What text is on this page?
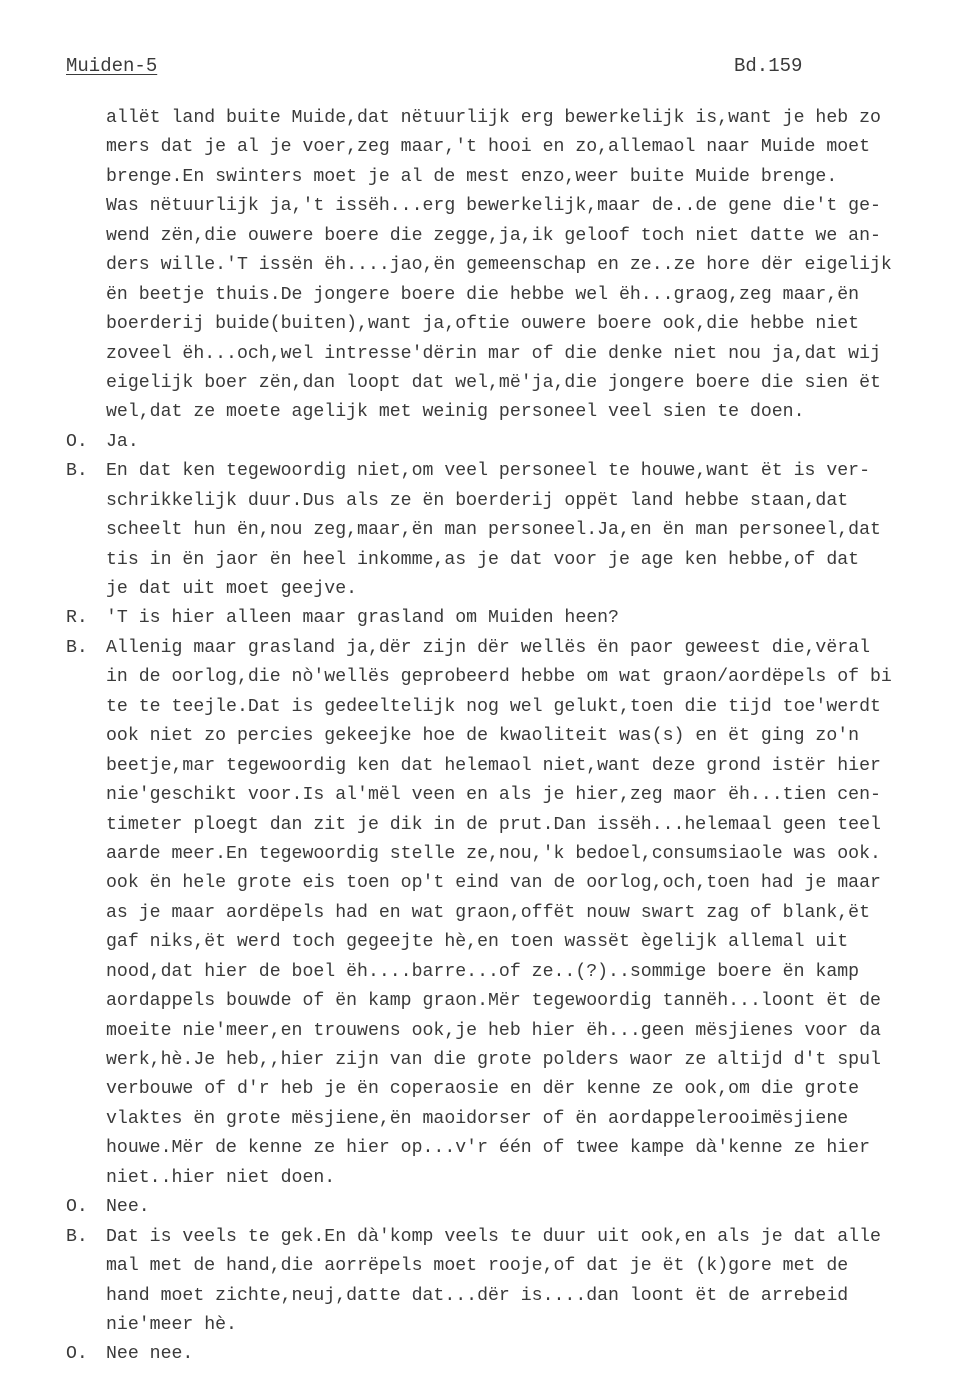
Muiden-5	Bd.159
allët land buite Muide,dat nëtuurlijk erg bewerkelijk is,want je heb zo
mers dat je al je voer,zeg maar,'t hooi en zo,allemaol naar Muide moet
brenge.En swinters moet je al de mest enzo,weer buite Muide brenge.
Was nëtuurlijk ja,'t issëh...erg bewerkelijk,maar de..de gene die't ge-
wend zën,die ouwere boere die zegge,ja,ik geloof toch niet datte we an-
ders wille.'T issën ëh....jao,ën gemeenschap en ze..ze hore dër eigelijk
ën beetje thuis.De jongere boere die hebbe wel ëh...graog,zeg maar,ën
boerderij buide(buiten),want ja,oftie ouwere boere ook,die hebbe niet
zoveel ëh...och,wel intresse'dërin mar of die denke niet nou ja,dat wij
eigelijk boer zën,dan loopt dat wel,më'ja,die jongere boere die sien ët
wel,dat ze moete agelijk met weinig personeel veel sien te doen.
O. Ja.
B. En dat ken tegewoordig niet,om veel personeel te houwe,want ët is ver-
schrikkelijk duur.Dus als ze ën boerderij oppët land hebbe staan,dat
scheelt hun ën,nou zeg,maar,ën man personeel.Ja,en ën man personeel,dat
tis in ën jaor ën heel inkomme,as je dat voor je age ken hebbe,of dat
je dat uit moet geejve.
R. 'T is hier alleen maar grasland om Muiden heen?
B. Allenig maar grasland ja,dër zijn dër wellës ën paor geweest die,vëral
in de oorlog,die nò'wellës geprobeerd hebbe om wat graon/aordëpels of bi
te te teejle.Dat is gedeeltelijk nog wel gelukt,toen die tijd toe'werdt
ook niet zo percies gekeejke hoe de kwaoliteit was(s) en ët ging zo'n
beetje,mar tegewoordig ken dat helemaol niet,want deze grond istër hier
nie'geschikt voor.Is al'mël veen en als je hier,zeg maor ëh...tien cen-
timeter ploegt dan zit je dik in de prut.Dan issëh...helemaal geen teel
aarde meer.En tegewoordig stelle ze,nou,'k bedoel,consumsiaole was ook.
ook ën hele grote eis toen op't eind van de oorlog,och,toen had je maar
as je maar aordëpels had en wat graon,offët nouw swart zag of blank,ët
gaf niks,ët werd toch gegeejte hè,en toen wassët ègelijk allemal uit
nood,dat hier de boel ëh....barre...of ze..(?)..sommige boere ën kamp
aordappels bouwde of ën kamp graon.Mër tegewoordig tannëh...loont ët de
moeite nie'meer,en trouwens ook,je heb hier ëh...geen mësjienes voor da
werk,hè.Je heb,,hier zijn van die grote polders waor ze altijd d't spul
verbouwe of d'r heb je ën coperaosie en dër kenne ze ook,om die grote
vlaktes ën grote mësjiene,ën maoidorser of ën aordappelerooimësjiene
houwe.Mër de kenne ze hier op...v'r één of twee kampe dà'kenne ze hier
niet..hier niet doen.
O. Nee.
B. Dat is veels te gek.En dà'komp veels te duur uit ook,en als je dat alle
mal met de hand,die aorrëpels moet rooje,of dat je ët (k)gore met de
hand moet zichte,neuj,datte dat...dër is....dan loont ët de arrebeid
nie'meer hè.
O. Nee nee.
